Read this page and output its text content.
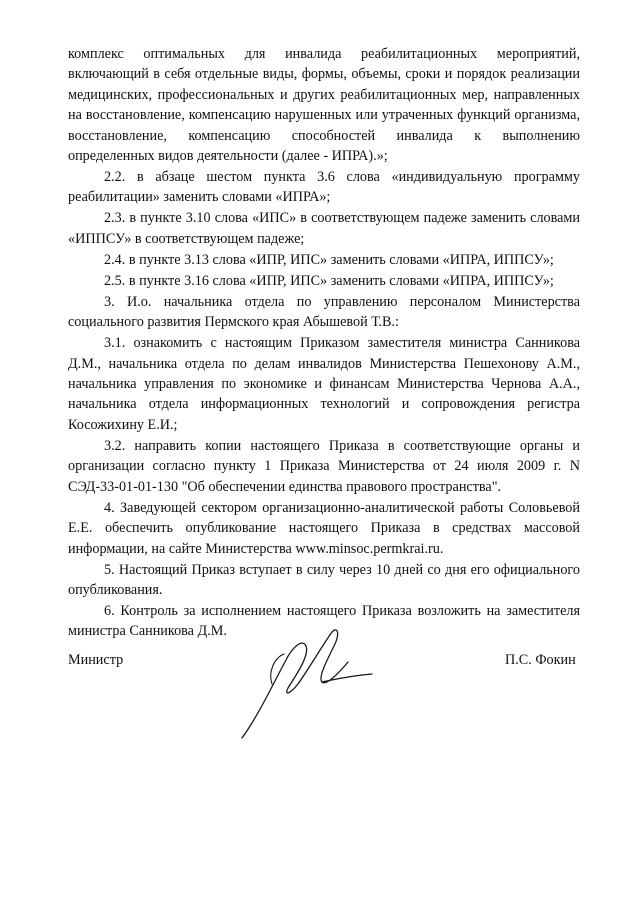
комплекс оптимальных для инвалида реабилитационных мероприятий, включающий в себя отдельные виды, формы, объемы, сроки и порядок реализации медицинских, профессиональных и других реабилитационных мер, направленных на восстановление, компенсацию нарушенных или утраченных функций организма, восстановление, компенсацию способностей инвалида к выполнению определенных видов деятельности (далее - ИПРА).»;

2.2. в абзаце шестом пункта 3.6 слова «индивидуальную программу реабилитации» заменить словами «ИПРА»;

2.3. в пункте 3.10 слова «ИПС» в соответствующем падеже заменить словами «ИППСУ» в соответствующем падеже;

2.4. в пункте 3.13 слова «ИПР, ИПС» заменить словами «ИПРА, ИППСУ»;

2.5. в пункте 3.16 слова «ИПР, ИПС» заменить словами «ИПРА, ИППСУ»;

3. И.о. начальника отдела по управлению персоналом Министерства социального развития Пермского края Абышевой Т.В.:

3.1. ознакомить с настоящим Приказом заместителя министра Санникова Д.М., начальника отдела по делам инвалидов Министерства Пешехонову А.М., начальника управления по экономике и финансам Министерства Чернова А.А., начальника отдела информационных технологий и сопровождения регистра Косожихину Е.И.;

3.2. направить копии настоящего Приказа в соответствующие органы и организации согласно пункту 1 Приказа Министерства от 24 июля 2009 г. N СЭД-33-01-01-130 "Об обеспечении единства правового пространства".

4. Заведующей сектором организационно-аналитической работы Соловьевой Е.Е. обеспечить опубликование настоящего Приказа в средствах массовой информации, на сайте Министерства www.minsoc.permkrai.ru.

5. Настоящий Приказ вступает в силу через 10 дней со дня его официального опубликования.

6. Контроль за исполнением настоящего Приказа возложить на заместителя министра Санникова Д.М.

Министр	П.С. Фокин
